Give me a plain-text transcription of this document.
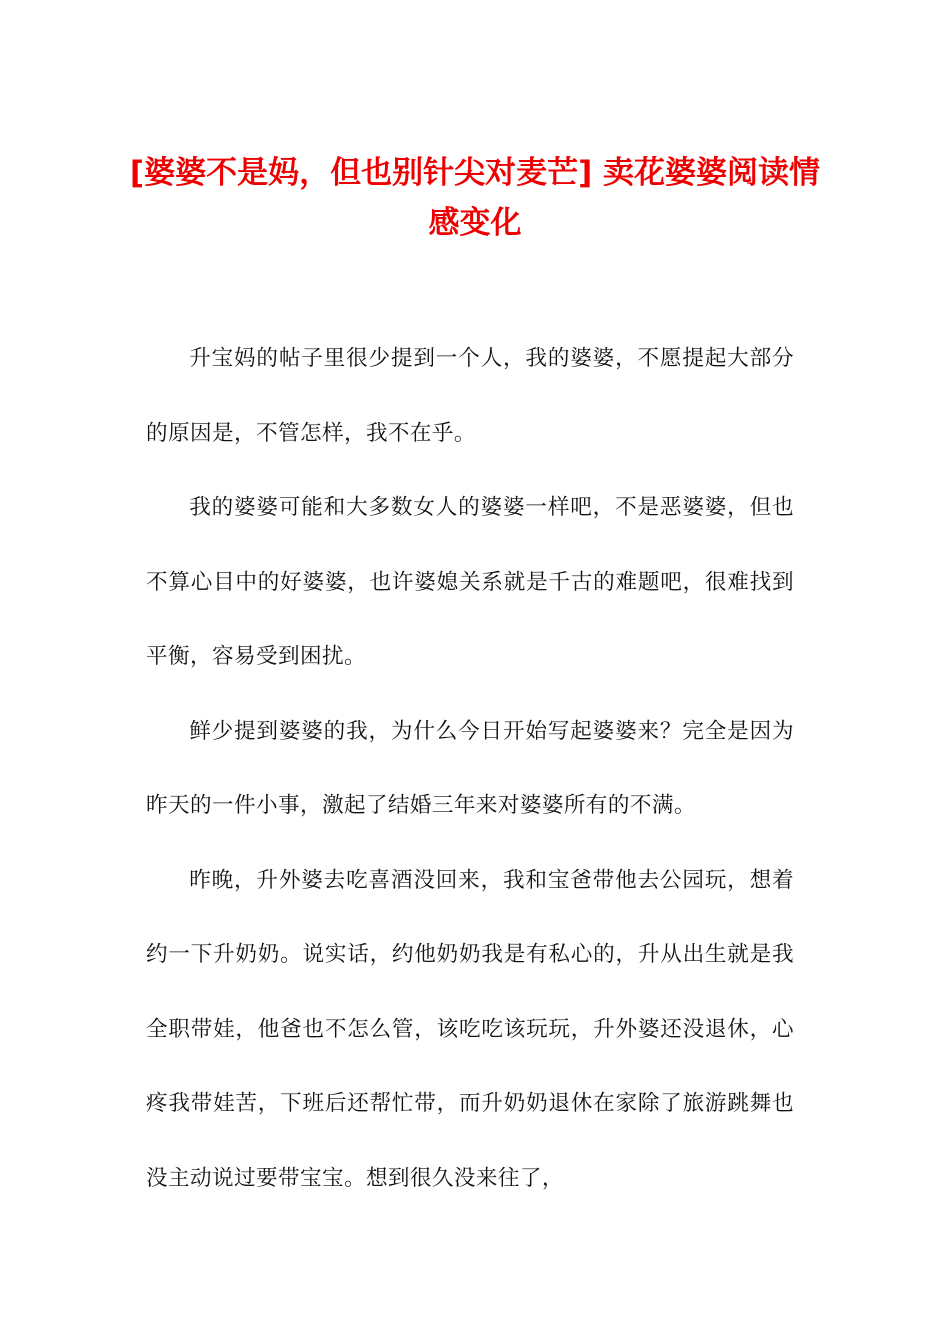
[婆婆不是妈，但也别针尖对麦芒] 卖花婆婆阅读情感变化

升宝妈的帖子里很少提到一个人，我的婆婆，不愿提起大部分的原因是，不管怎样，我不在乎。

我的婆婆可能和大多数女人的婆婆一样吧，不是恶婆婆，但也不算心目中的好婆婆，也许婆媳关系就是千古的难题吧，很难找到平衡，容易受到困扰。

鲜少提到婆婆的我，为什么今日开始写起婆婆来？完全是因为昨天的一件小事，激起了结婚三年来对婆婆所有的不满。

昨晚，升外婆去吃喜酒没回来，我和宝爸带他去公园玩，想着约一下升奶奶。说实话，约他奶奶我是有私心的，升从出生就是我全职带娃，他爸也不怎么管，该吃吃该玩玩，升外婆还没退休，心疼我带娃苦，下班后还帮忙带，而升奶奶退休在家除了旅游跳舞也没主动说过要带宝宝。想到很久没来往了，
